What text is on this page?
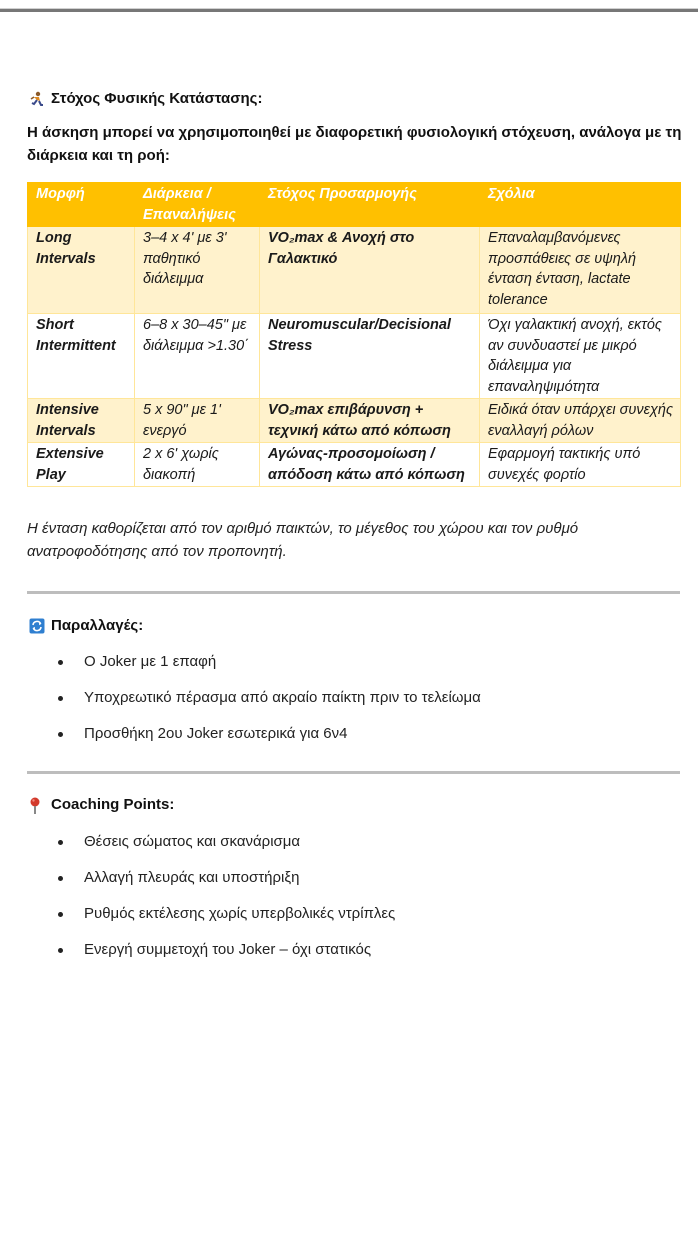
Στόχος Φυσικής Κατάστασης:
Η άσκηση μπορεί να χρησιμοποιηθεί με διαφορετική φυσιολογική στόχευση, ανάλογα με τη διάρκεια και τη ροή:
Μορφή	Διάρκεια / Επαναλήψεις	Στόχος Προσαρμογής	Σχόλια
Long Intervals	3–4 x 4' με 3' παθητικό διάλειμμα	VO₂max & Ανοχή στο Γαλακτικό	Επαναλαμβανόμενες προσπάθειες σε υψηλή ένταση ένταση, lactate tolerance
Short Intermittent	6–8 x 30–45" με διάλειμμα >1.30΄	Neuromuscular/Decisional Stress	Όχι γαλακτική ανοχή, εκτός αν συνδυαστεί με μικρό διάλειμμα για επαναληψιμότητα
Intensive Intervals	5 x 90" με 1' ενεργό	VO₂max επιβάρυνση + τεχνική κάτω από κόπωση	Ειδικά όταν υπάρχει συνεχής εναλλαγή ρόλων
Extensive Play	2 x 6' χωρίς διακοπή	Αγώνας-προσομοίωση / απόδοση κάτω από κόπωση	Εφαρμογή τακτικής υπό συνεχές φορτίο
Η ένταση καθορίζεται από τον αριθμό παικτών, το μέγεθος του χώρου και τον ρυθμό ανατροφοδότησης από τον προπονητή.
Παραλλαγές:
Ο Joker με 1 επαφή
Υποχρεωτικό πέρασμα από ακραίο παίκτη πριν το τελείωμα
Προσθήκη 2ου Joker εσωτερικά για 6ν4
Coaching Points:
Θέσεις σώματος και σκανάρισμα
Αλλαγή πλευράς και υποστήριξη
Ρυθμός εκτέλεσης χωρίς υπερβολικές ντρίπλες
Ενεργή συμμετοχή του Joker – όχι στατικός
